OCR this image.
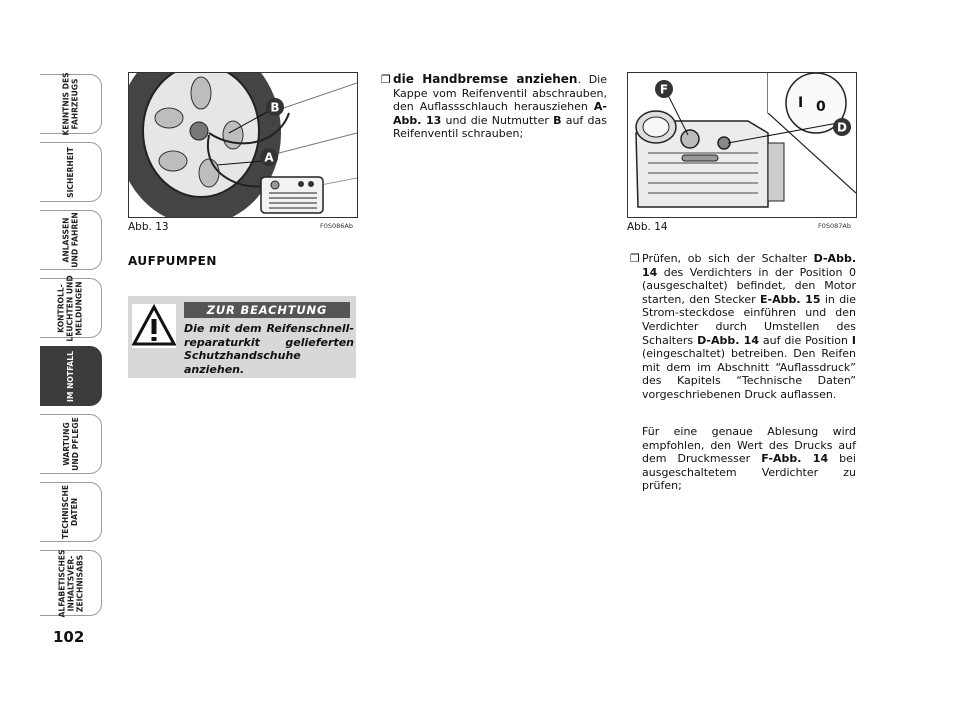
KENNTNIS DES
FAHRZEUGS
SICHERHEIT
ANLASSEN
UND FAHREN
KONTROLL-
LEUCHTEN UND
MELDUNGEN
IM NOTFALL
WARTUNG
UND PFLEGE
TECHNISCHE
DATEN
ALFABETISCHES
INHALTSVER-
ZEICHNISABS
102
B
A
Abb. 13	F0S086Ab
I 0
F
D
Abb. 14	F0S087Ab
AUFPUMPEN
ZUR BEACHTUNG
Die mit dem Reifenschnell-reparaturkit gelieferten Schutzhandschuhe anziehen.
❒ die Handbremse anziehen. Die Kappe vom Reifenventil abschrauben, den Auflassschlauch herausziehen A-Abb. 13 und die Nutmutter B auf das Reifenventil schrauben;
❒ Prüfen, ob sich der Schalter D-Abb. 14 des Verdichters in der Position 0 (ausgeschaltet) befindet, den Motor starten, den Stecker E-Abb. 15 in die Strom-steckdose einführen und den Verdichter durch Umstellen des Schalters D-Abb. 14 auf die Position I (eingeschaltet) betreiben. Den Reifen mit dem im Abschnitt “Auflassdruck” des Kapitels “Technische Daten” vorgeschriebenen Druck auflassen.
Für eine genaue Ablesung wird empfohlen, den Wert des Drucks auf dem Druckmesser F-Abb. 14 bei ausgeschaltetem Verdichter zu prüfen;
